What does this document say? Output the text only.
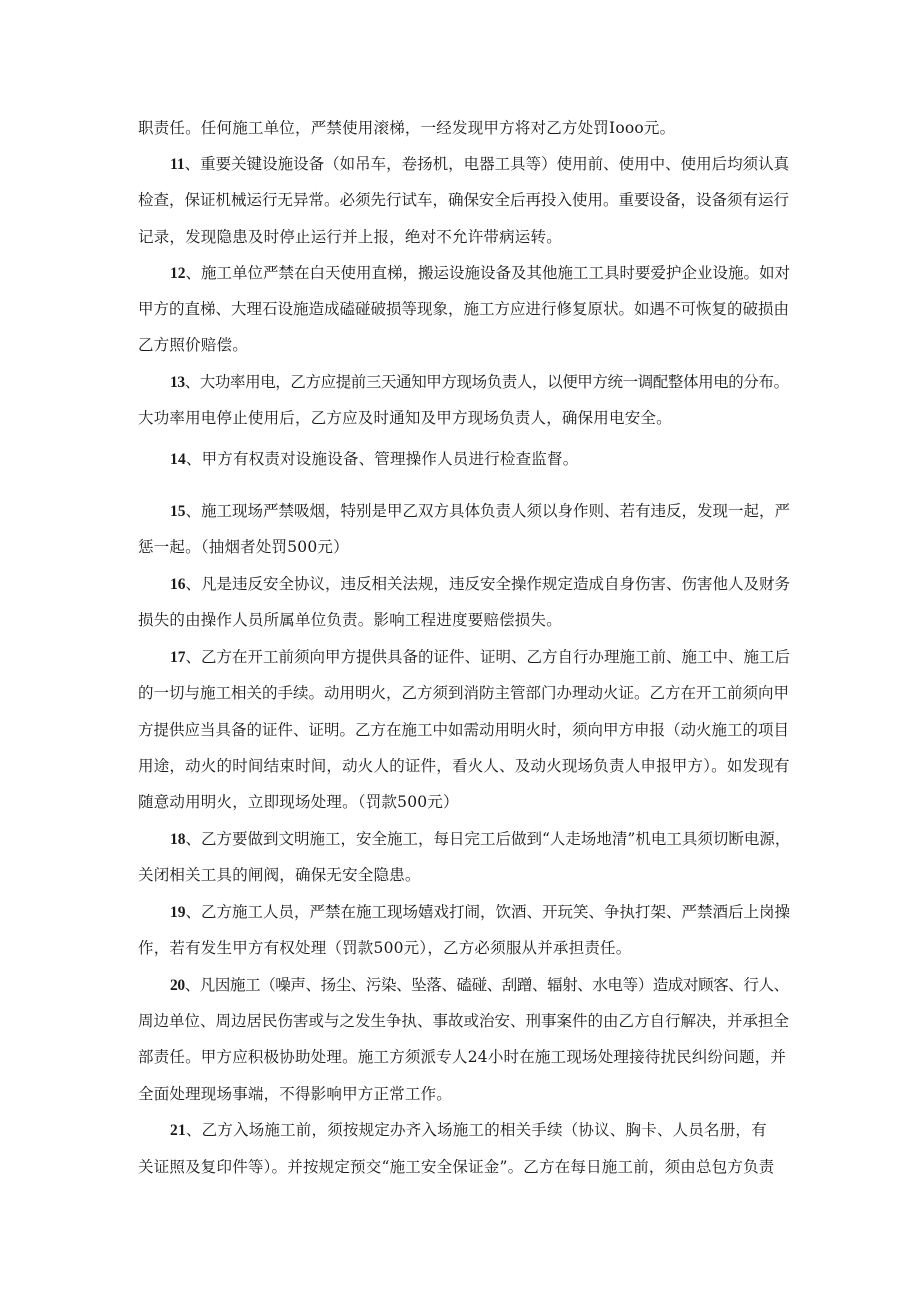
职责任。任何施工单位，严禁使用滚梯，一经发现甲方将对乙方处罚Iooo元。
11、重要关键设施设备（如吊车，卷扬机，电器工具等）使用前、使用中、使用后均须认真
检查，保证机械运行无异常。必须先行试车，确保安全后再投入使用。重要设备，设备须有运行
记录，发现隐患及时停止运行并上报，绝对不允许带病运转。
12、施工单位严禁在白天使用直梯，搬运设施设备及其他施工工具时要爱护企业设施。如对
甲方的直梯、大理石设施造成磕碰破损等现象，施工方应进行修复原状。如遇不可恢复的破损由
乙方照价赔偿。
13、大功率用电，乙方应提前三天通知甲方现场负责人，以便甲方统一调配整体用电的分布。
大功率用电停止使用后，乙方应及时通知及甲方现场负责人，确保用电安全。
14、甲方有权责对设施设备、管理操作人员进行检查监督。
15、施工现场严禁吸烟，特别是甲乙双方具体负责人须以身作则、若有违反，发现一起，严
惩一起。（抽烟者处罚500元）
16、凡是违反安全协议，违反相关法规，违反安全操作规定造成自身伤害、伤害他人及财务
损失的由操作人员所属单位负责。影响工程进度要赔偿损失。
17、乙方在开工前须向甲方提供具备的证件、证明、乙方自行办理施工前、施工中、施工后
的一切与施工相关的手续。动用明火，乙方须到消防主管部门办理动火证。乙方在开工前须向甲
方提供应当具备的证件、证明。乙方在施工中如需动用明火时，须向甲方申报（动火施工的项目
用途，动火的时间结束时间，动火人的证件，看火人、及动火现场负责人申报甲方）。如发现有
随意动用明火，立即现场处理。（罚款500元）
18、乙方要做到文明施工，安全施工，每日完工后做到“人走场地清”机电工具须切断电源，
关闭相关工具的闸阀，确保无安全隐患。
19、乙方施工人员，严禁在施工现场嬉戏打闹，饮酒、开玩笑、争执打架、严禁酒后上岗操
作，若有发生甲方有权处理（罚款500元），乙方必须服从并承担责任。
20、凡因施工（噪声、扬尘、污染、坠落、磕碰、刮蹭、辐射、水电等）造成对顾客、行人、
周边单位、周边居民伤害或与之发生争执、事故或治安、刑事案件的由乙方自行解决，并承担全
部责任。甲方应积极协助处理。施工方须派专人24小时在施工现场处理接待扰民纠纷问题，并
全面处理现场事端，不得影响甲方正常工作。
21、乙方入场施工前，须按规定办齐入场施工的相关手续（协议、胸卡、人员名册，有
关证照及复印件等）。并按规定预交“施工安全保证金”。乙方在每日施工前，须由总包方负责
